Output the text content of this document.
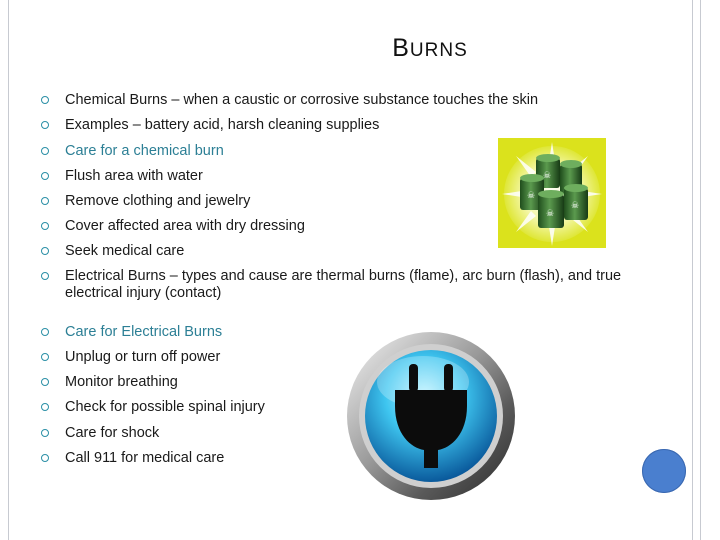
BURNS
Chemical Burns – when a caustic or corrosive substance touches the skin
Examples – battery acid, harsh cleaning supplies
Care for a chemical burn
Flush area with water
Remove clothing and jewelry
Cover affected area with dry dressing
Seek medical care
Electrical Burns – types and cause are thermal burns (flame), arc burn (flash), and true electrical injury (contact)
Care for Electrical Burns
Unplug or turn off power
Monitor breathing
Check for possible spinal injury
Care for shock
Call 911 for medical care
☠
☠
☠
☠
